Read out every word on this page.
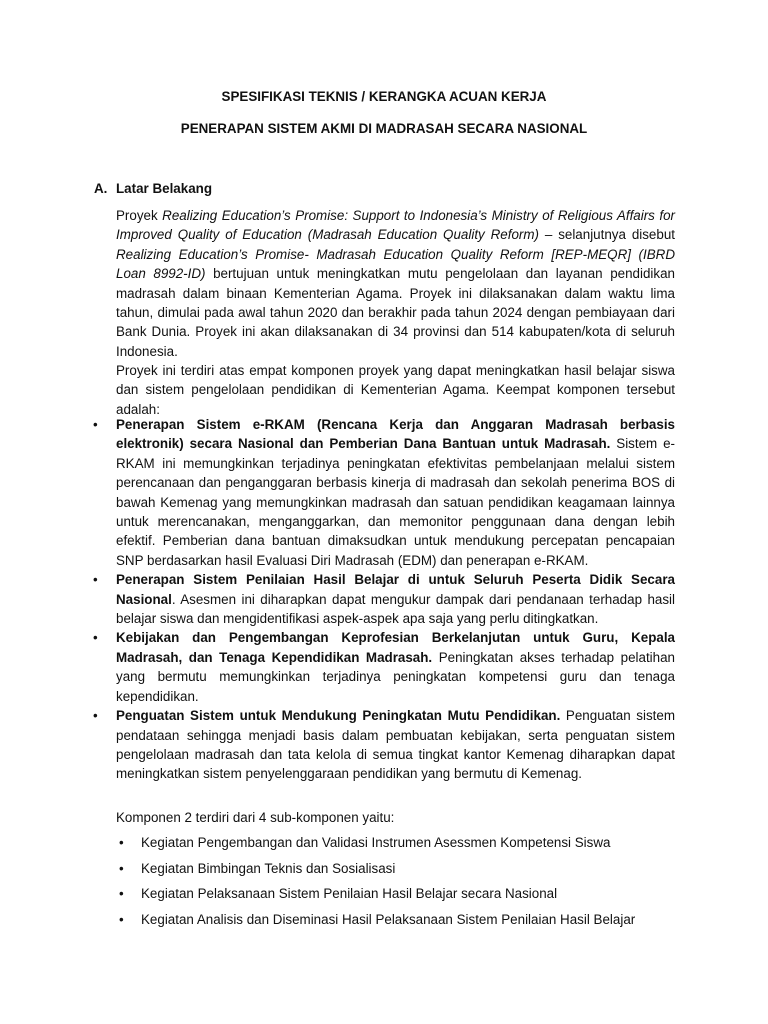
SPESIFIKASI TEKNIS / KERANGKA ACUAN KERJA
PENERAPAN SISTEM AKMI DI MADRASAH SECARA NASIONAL
A. Latar Belakang
Proyek Realizing Education’s Promise: Support to Indonesia’s Ministry of Religious Affairs for Improved Quality of Education (Madrasah Education Quality Reform) – selanjutnya disebut Realizing Education’s Promise- Madrasah Education Quality Reform [REP-MEQR] (IBRD Loan 8992-ID) bertujuan untuk meningkatkan mutu pengelolaan dan layanan pendidikan madrasah dalam binaan Kementerian Agama. Proyek ini dilaksanakan dalam waktu lima tahun, dimulai pada awal tahun 2020 dan berakhir pada tahun 2024 dengan pembiayaan dari Bank Dunia. Proyek ini akan dilaksanakan di 34 provinsi dan 514 kabupaten/kota di seluruh Indonesia.
Proyek ini terdiri atas empat komponen proyek yang dapat meningkatkan hasil belajar siswa dan sistem pengelolaan pendidikan di Kementerian Agama. Keempat komponen tersebut adalah:
• Penerapan Sistem e-RKAM (Rencana Kerja dan Anggaran Madrasah berbasis elektronik) secara Nasional dan Pemberian Dana Bantuan untuk Madrasah. Sistem e-RKAM ini memungkinkan terjadinya peningkatan efektivitas pembelanjaan melalui sistem perencanaan dan penganggaran berbasis kinerja di madrasah dan sekolah penerima BOS di bawah Kemenag yang memungkinkan madrasah dan satuan pendidikan keagamaan lainnya untuk merencanakan, menganggarkan, dan memonitor penggunaan dana dengan lebih efektif. Pemberian dana bantuan dimaksudkan untuk mendukung percepatan pencapaian SNP berdasarkan hasil Evaluasi Diri Madrasah (EDM) dan penerapan e-RKAM.
• Penerapan Sistem Penilaian Hasil Belajar di untuk Seluruh Peserta Didik Secara Nasional. Asesmen ini diharapkan dapat mengukur dampak dari pendanaan terhadap hasil belajar siswa dan mengidentifikasi aspek-aspek apa saja yang perlu ditingkatkan.
• Kebijakan dan Pengembangan Keprofesian Berkelanjutan untuk Guru, Kepala Madrasah, dan Tenaga Kependidikan Madrasah. Peningkatan akses terhadap pelatihan yang bermutu memungkinkan terjadinya peningkatan kompetensi guru dan tenaga kependidikan.
• Penguatan Sistem untuk Mendukung Peningkatan Mutu Pendidikan. Penguatan sistem pendataan sehingga menjadi basis dalam pembuatan kebijakan, serta penguatan sistem pengelolaan madrasah dan tata kelola di semua tingkat kantor Kemenag diharapkan dapat meningkatkan sistem penyelenggaraan pendidikan yang bermutu di Kemenag.
Komponen 2 terdiri dari 4 sub-komponen yaitu:
• Kegiatan Pengembangan dan Validasi Instrumen Asessmen Kompetensi Siswa
• Kegiatan Bimbingan Teknis dan Sosialisasi
• Kegiatan Pelaksanaan Sistem Penilaian Hasil Belajar secara Nasional
• Kegiatan Analisis dan Diseminasi Hasil Pelaksanaan Sistem Penilaian Hasil Belajar
